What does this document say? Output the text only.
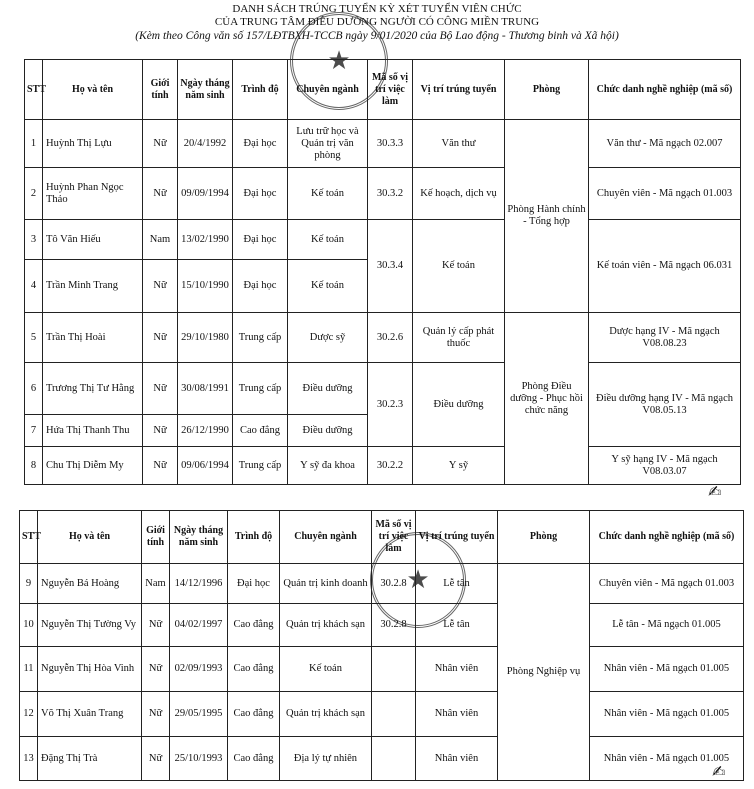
DANH SÁCH TRÚNG TUYỂN KỲ XÉT TUYỂN VIÊN CHỨC
CỦA TRUNG TÂM ĐIỀU DƯỠNG NGƯỜI CÓ CÔNG MIỀN TRUNG
(Kèm theo Công văn số 157/LĐTBXH-TCCB ngày 9/01/2020 của Bộ Lao động - Thương binh và Xã hội)
★
STT	Họ và tên	Giới tính	Ngày tháng năm sinh	Trình độ	Chuyên ngành	Mã số vị trí việc làm	Vị trí trúng tuyển	Phòng	Chức danh nghề nghiệp (mã số)
1	Huỳnh Thị Lựu	Nữ	20/4/1992	Đại học	Lưu trữ học và Quản trị văn phòng	30.3.3	Văn thư	Phòng Hành chính - Tổng hợp	Văn thư - Mã ngạch 02.007
2	Huỳnh Phan Ngọc Thảo	Nữ	09/09/1994	Đại học	Kế toán	30.3.2	Kế hoạch, dịch vụ		Chuyên viên - Mã ngạch 01.003
3	Tô Văn Hiếu	Nam	13/02/1990	Đại học	Kế toán	30.3.4	Kế toán		Kế toán viên - Mã ngạch 06.031
4	Trần Minh Trang	Nữ	15/10/1990	Đại học	Kế toán				
5	Trần Thị Hoài	Nữ	29/10/1980	Trung cấp	Dược sỹ	30.2.6	Quản lý cấp phát thuốc	Phòng Điều dưỡng - Phục hồi chức năng	Dược hạng IV - Mã ngạch V08.08.23
6	Trương Thị Tư Hằng	Nữ	30/08/1991	Trung cấp	Điều dưỡng	30.2.3	Điều dưỡng		Điều dưỡng hạng IV - Mã ngạch V08.05.13
7	Hứa Thị Thanh Thu	Nữ	26/12/1990	Cao đẳng	Điều dưỡng				
8	Chu Thị Diễm My	Nữ	09/06/1994	Trung cấp	Y sỹ đa khoa	30.2.2	Y sỹ		Y sỹ hạng IV - Mã ngạch V08.03.07
✍
★
STT	Họ và tên	Giới tính	Ngày tháng năm sinh	Trình độ	Chuyên ngành	Mã số vị trí việc làm	Vị trí trúng tuyển	Phòng	Chức danh nghề nghiệp (mã số)
9	Nguyễn Bá Hoàng	Nam	14/12/1996	Đại học	Quản trị kinh doanh	30.2.8	Lễ tân	Phòng Nghiệp vụ	Chuyên viên - Mã ngạch 01.003
10	Nguyễn Thị Tường Vy	Nữ	04/02/1997	Cao đẳng	Quản trị khách sạn	30.2.8	Lễ tân		Lễ tân - Mã ngạch 01.005
11	Nguyễn Thị Hòa Vinh	Nữ	02/09/1993	Cao đẳng	Kế toán		Nhân viên		Nhân viên - Mã ngạch 01.005
12	Võ Thị Xuân Trang	Nữ	29/05/1995	Cao đẳng	Quản trị khách sạn		Nhân viên		Nhân viên - Mã ngạch 01.005
13	Đặng Thị Trà	Nữ	25/10/1993	Cao đẳng	Địa lý tự nhiên		Nhân viên		Nhân viên - Mã ngạch 01.005
✍
